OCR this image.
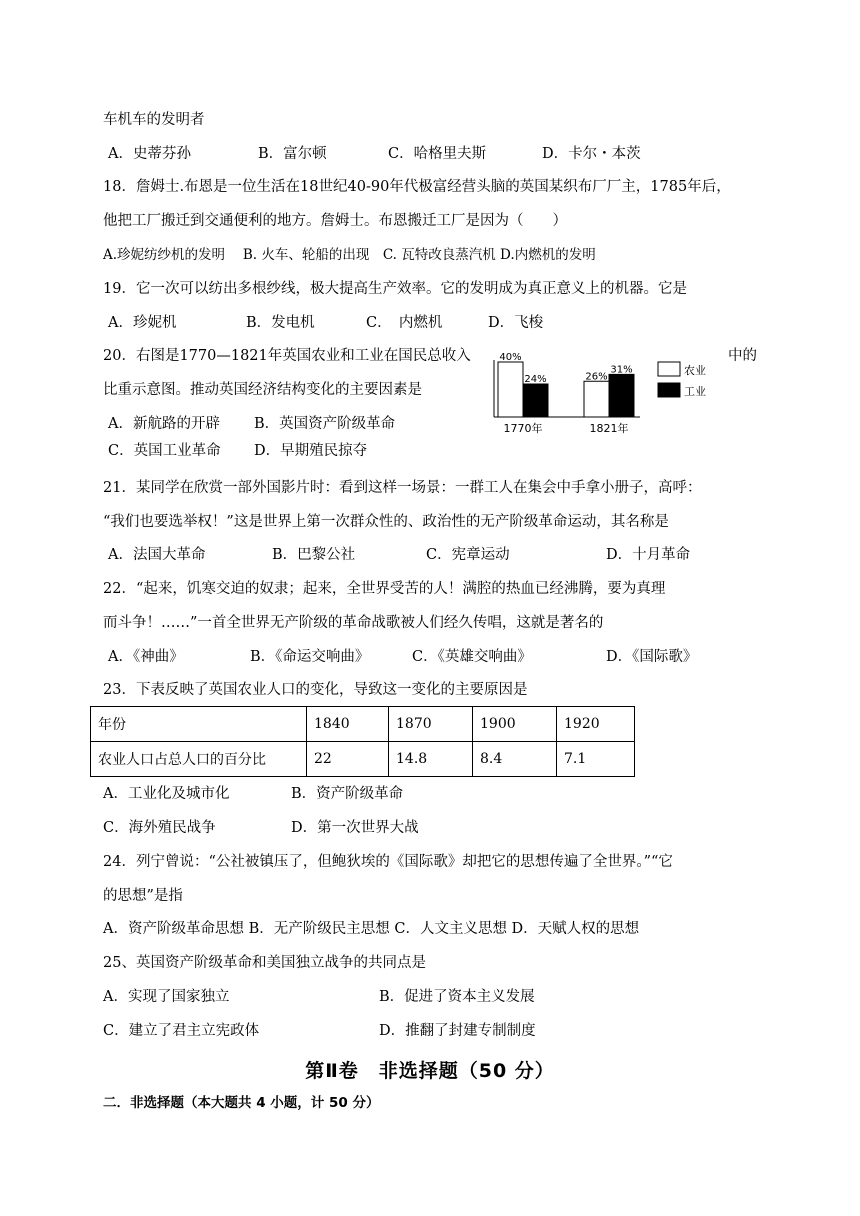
车机车的发明者
A．史蒂芬孙	B．富尔顿	C．哈格里夫斯	D．卡尔・本茨
18．詹姆士.布恩是一位生活在18世纪40-90年代极富经营头脑的英国某织布厂厂主，1785年后，
他把工厂搬迁到交通便利的地方。詹姆士。布恩搬迁工厂是因为（　　）
A.珍妮纺纱机的发明　 B. 火车、轮船的出现　C. 瓦特改良蒸汽机 D.内燃机的发明
19．它一次可以纺出多根纱线，极大提高生产效率。它的发明成为真正意义上的机器。它是
A．珍妮机	B．发电机	C．　内燃机	D．飞梭
20．右图是1770—1821年英国农业和工业在国民总收入	中的
比重示意图。推动英国经济结构变化的主要因素是
A．新航路的开辟 B．英国资产阶级革命
C．英国工业革命 D．早期殖民掠夺
40%
24%	26%
31%
1770年	1821年
农业
工业
21．某同学在欣赏一部外国影片时：看到这样一场景：一群工人在集会中手拿小册子，高呼：
“我们也要选举权！”这是世界上第一次群众性的、政治性的无产阶级革命运动，其名称是
A．法国大革命	B．巴黎公社	C．宪章运动	D．十月革命
22．“起来，饥寒交迫的奴隶；起来，全世界受苦的人！满腔的热血已经沸腾，要为真理
而斗争！……”一首全世界无产阶级的革命战歌被人们经久传唱，这就是著名的
A．《神曲》	B．《命运交响曲》	C．《英雄交响曲》	D．《国际歌》
23．下表反映了英国农业人口的变化，导致这一变化的主要原因是
年份	1840	1870	1900	1920
农业人口占总人口的百分比	22	14.8	8.4	7.1
A．工业化及城市化	B．资产阶级革命
C．海外殖民战争	D．第一次世界大战
24．列宁曾说：“公社被镇压了，但鲍狄埃的《国际歌》却把它的思想传遍了全世界。”“它
的思想”是指
A．资产阶级革命思想 B．无产阶级民主思想 C．人文主义思想 D．天赋人权的思想
25、英国资产阶级革命和美国独立战争的共同点是
A．实现了国家独立	B．促进了资本主义发展
C．建立了君主立宪政体	D．推翻了封建专制制度
第Ⅱ卷　非选择题（50 分）
二．非选择题（本大题共 4 小题，计 50 分）
